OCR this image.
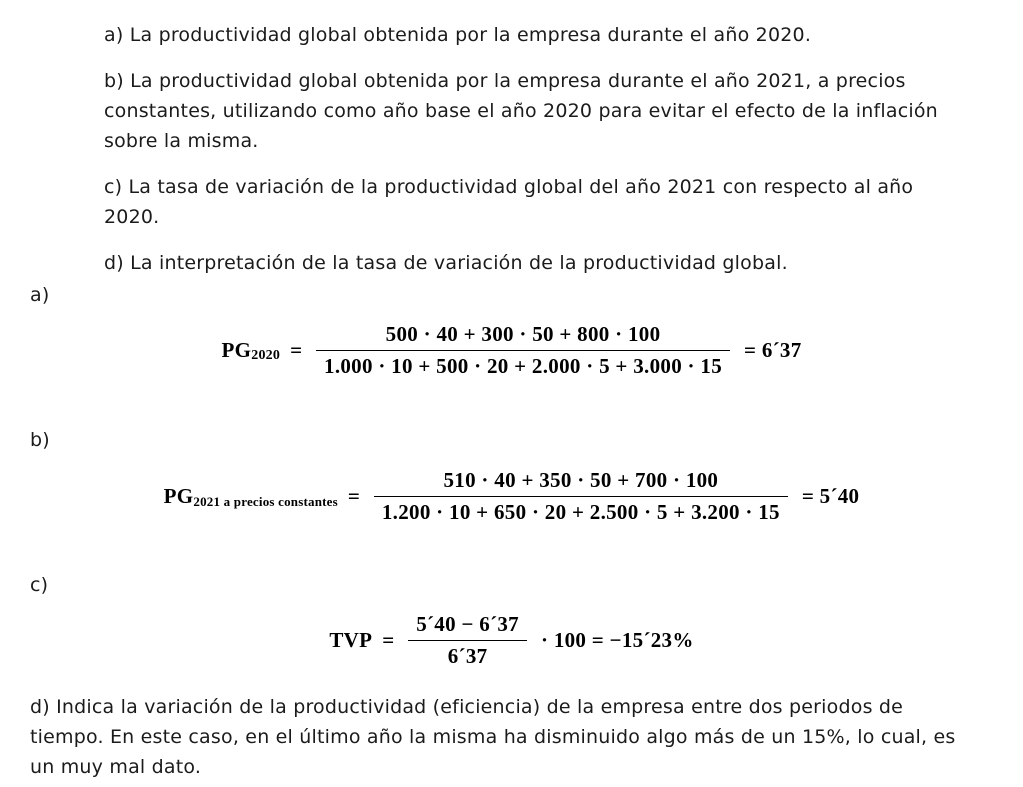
a) La productividad global obtenida por la empresa durante el año 2020.
b) La productividad global obtenida por la empresa durante el año 2021, a precios constantes, utilizando como año base el año 2020 para evitar el efecto de la inflación sobre la misma.
c) La tasa de variación de la productividad global del año 2021 con respecto al año 2020.
d) La interpretación de la tasa de variación de la productividad global.
a)
PG $2020 = \frac{500 \cdot 40 + 300 \cdot 50 + 800 \cdot 100}{1.000 \cdot 10 + 500 \cdot 20 + 2.000 \cdot 5 + 3.000 \cdot 15}$ = 6´37
b)
PG 2021 a precios constantes = $\frac{510 \cdot 40 + 350 \cdot 50 + 700 \cdot 100}{1.200 \cdot 10 + 650 \cdot 20 + 2.500 \cdot 5 + 3.200 \cdot 15}$ = 5´40
c)
TVP = $\frac{5´40 - 6´37}{6´37} \cdot 100$ = −15´23%
d) Indica la variación de la productividad (eficiencia) de la empresa entre dos periodos de tiempo. En este caso, en el último año la misma ha disminuido algo más de un 15%, lo cual, es un muy mal dato.
